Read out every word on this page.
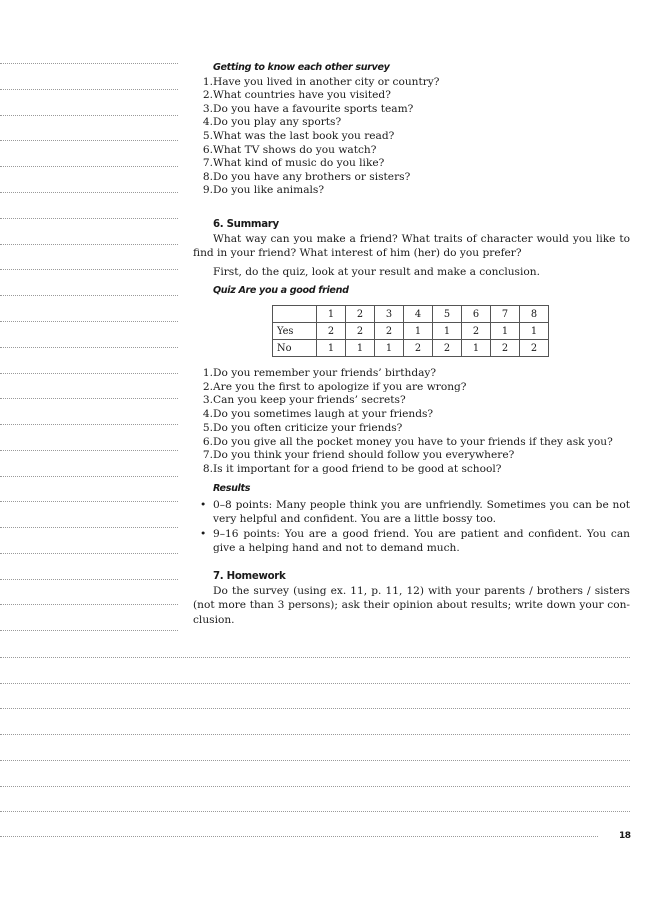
Getting to know each other survey
1. Have you lived in another city or country?
2. What countries have you visited?
3. Do you have a favourite sports team?
4. Do you play any sports?
5. What was the last book you read?
6. What TV shows do you watch?
7. What kind of music do you like?
8. Do you have any brothers or sisters?
9. Do you like animals?
6. Summary

What way can you make a friend? What traits of character would you like to find in your friend? What interest of him (her) do you prefer?

First, do the quiz, look at your result and make a conclusion.

Quiz Are you a good friend
	1	2	3	4	5	6	7	8
Yes	2	2	2	1	1	2	1	1
No	1	1	1	2	2	1	2	2
1. Do you remember your friends’ birthday?
2. Are you the first to apologize if you are wrong?
3. Can you keep your friends’ secrets?
4. Do you sometimes laugh at your friends?
5. Do you often criticize your friends?
6. Do you give all the pocket money you have to your friends if they ask you?
7. Do you think your friend should follow you everywhere?
8. Is it important for a good friend to be good at school?
Results
• 0–8 points: Many people think you are unfriendly. Sometimes you can be not very helpful and confident. You are a little bossy too.
• 9–16 points: You are a good friend. You are patient and confident. You can give a helping hand and not to demand much.
7. Homework

Do the survey (using ex. 11, p. 11, 12) with your parents / brothers / sisters (not more than 3 persons); ask their opinion about results; write down your conclusion.

18
